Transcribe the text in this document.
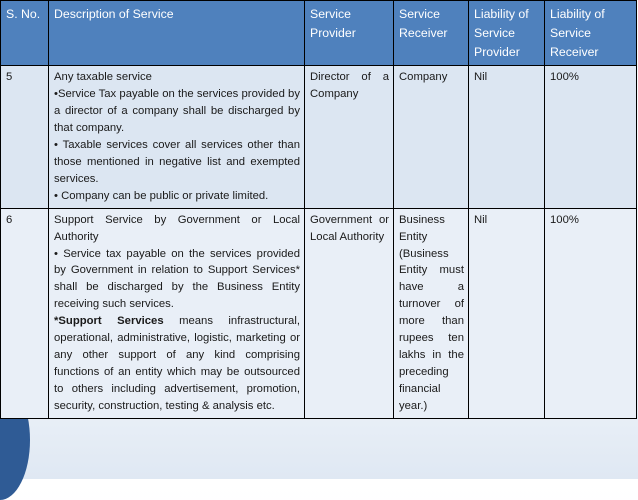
S. No.	Description of Service	Service Provider	Service Receiver	Liability of Service Provider	Liability of Service Receiver
5	Any taxable service
•Service Tax payable on the services provided by a director of a company shall be discharged by that company.
• Taxable services cover all services other than those mentioned in negative list and exempted services.
• Company can be public or private limited.	Director of a Company	Company	Nil	100%
6	Support Service by Government or Local Authority
• Service tax payable on the services provided by Government in relation to Support Services* shall be discharged by the Business Entity receiving such services.
*Support Services means infrastructural, operational, administrative, logistic, marketing or any other support of any kind comprising functions of an entity which may be outsourced to others including advertisement, promotion, security, construction, testing & analysis etc.	Government or Local Authority	Business Entity (Business Entity must have a turnover of more than rupees ten lakhs in the preceding financial year.)	Nil	100%
